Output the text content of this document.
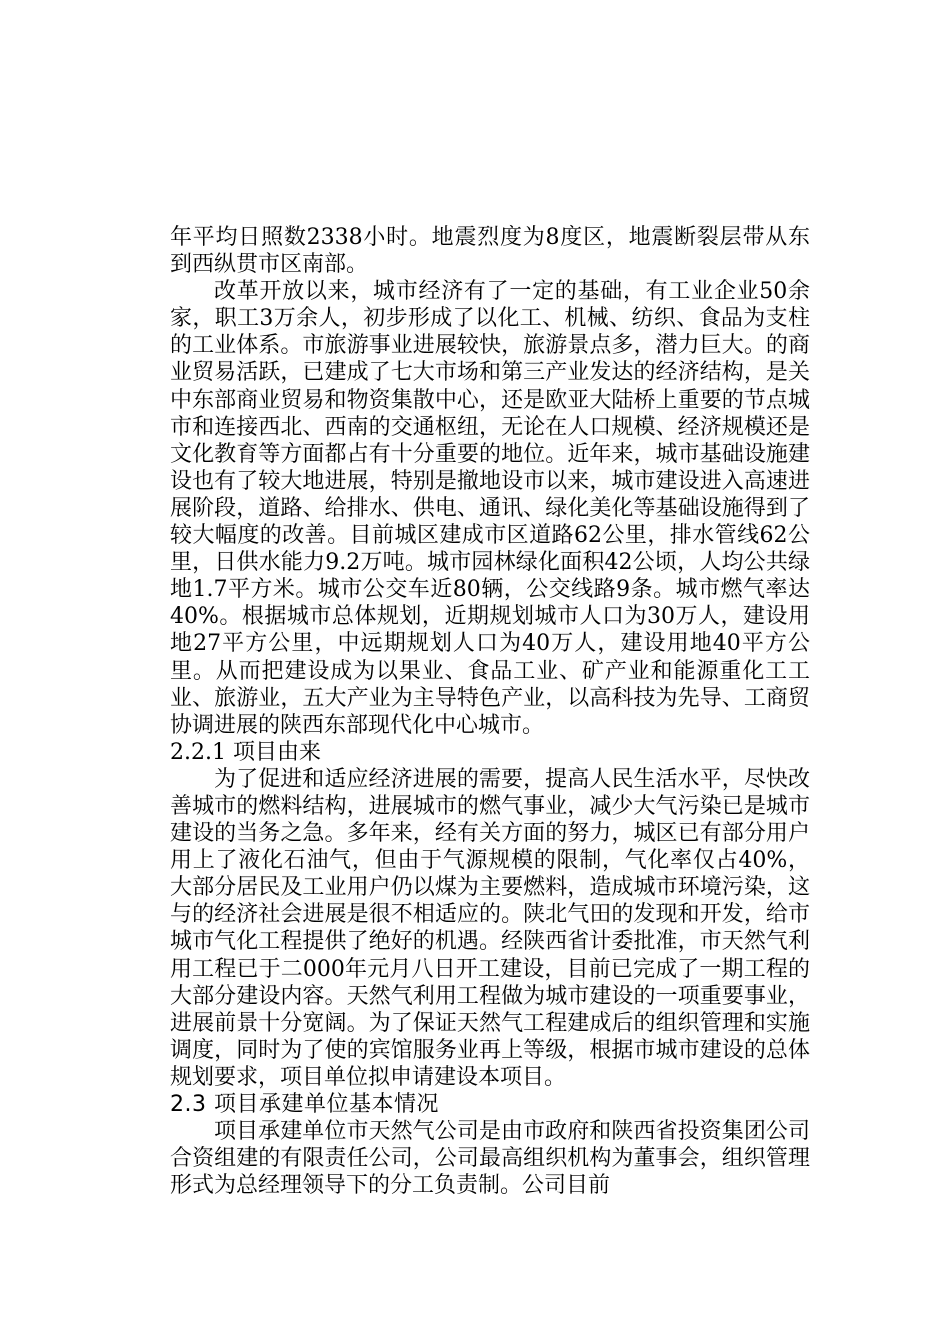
年平均日照数2338小时。地震烈度为8度区，地震断裂层带从东到西纵贯市区南部。

改革开放以来，城市经济有了一定的基础，有工业企业50余家，职工3万余人，初步形成了以化工、机械、纺织、食品为支柱的工业体系。市旅游事业进展较快，旅游景点多，潜力巨大。的商业贸易活跃，已建成了七大市场和第三产业发达的经济结构，是关中东部商业贸易和物资集散中心，还是欧亚大陆桥上重要的节点城市和连接西北、西南的交通枢纽，无论在人口规模、经济规模还是文化教育等方面都占有十分重要的地位。近年来，城市基础设施建设也有了较大地进展，特别是撤地设市以来，城市建设进入高速进展阶段，道路、给排水、供电、通讯、绿化美化等基础设施得到了较大幅度的改善。目前城区建成市区道路62公里，排水管线62公里，日供水能力9.2万吨。城市园林绿化面积42公顷，人均公共绿地1.7平方米。城市公交车近80辆，公交线路9条。城市燃气率达40%。根据城市总体规划，近期规划城市人口为30万人，建设用地27平方公里，中远期规划人口为40万人，建设用地40平方公里。从而把建设成为以果业、食品工业、矿产业和能源重化工工业、旅游业，五大产业为主导特色产业，以高科技为先导、工商贸协调进展的陕西东部现代化中心城市。

2.2.1 项目由来

为了促进和适应经济进展的需要，提高人民生活水平，尽快改善城市的燃料结构，进展城市的燃气事业，减少大气污染已是城市建设的当务之急。多年来，经有关方面的努力，城区已有部分用户用上了液化石油气，但由于气源规模的限制，气化率仅占40%，大部分居民及工业用户仍以煤为主要燃料，造成城市环境污染，这与的经济社会进展是很不相适应的。陕北气田的发现和开发，给市城市气化工程提供了绝好的机遇。经陕西省计委批准，市天然气利用工程已于二000年元月八日开工建设，目前已完成了一期工程的大部分建设内容。天然气利用工程做为城市建设的一项重要事业，进展前景十分宽阔。为了保证天然气工程建成后的组织管理和实施调度，同时为了使的宾馆服务业再上等级，根据市城市建设的总体规划要求，项目单位拟申请建设本项目。

2.3 项目承建单位基本情况

项目承建单位市天然气公司是由市政府和陕西省投资集团公司合资组建的有限责任公司，公司最高组织机构为董事会，组织管理形式为总经理领导下的分工负责制。公司目前
